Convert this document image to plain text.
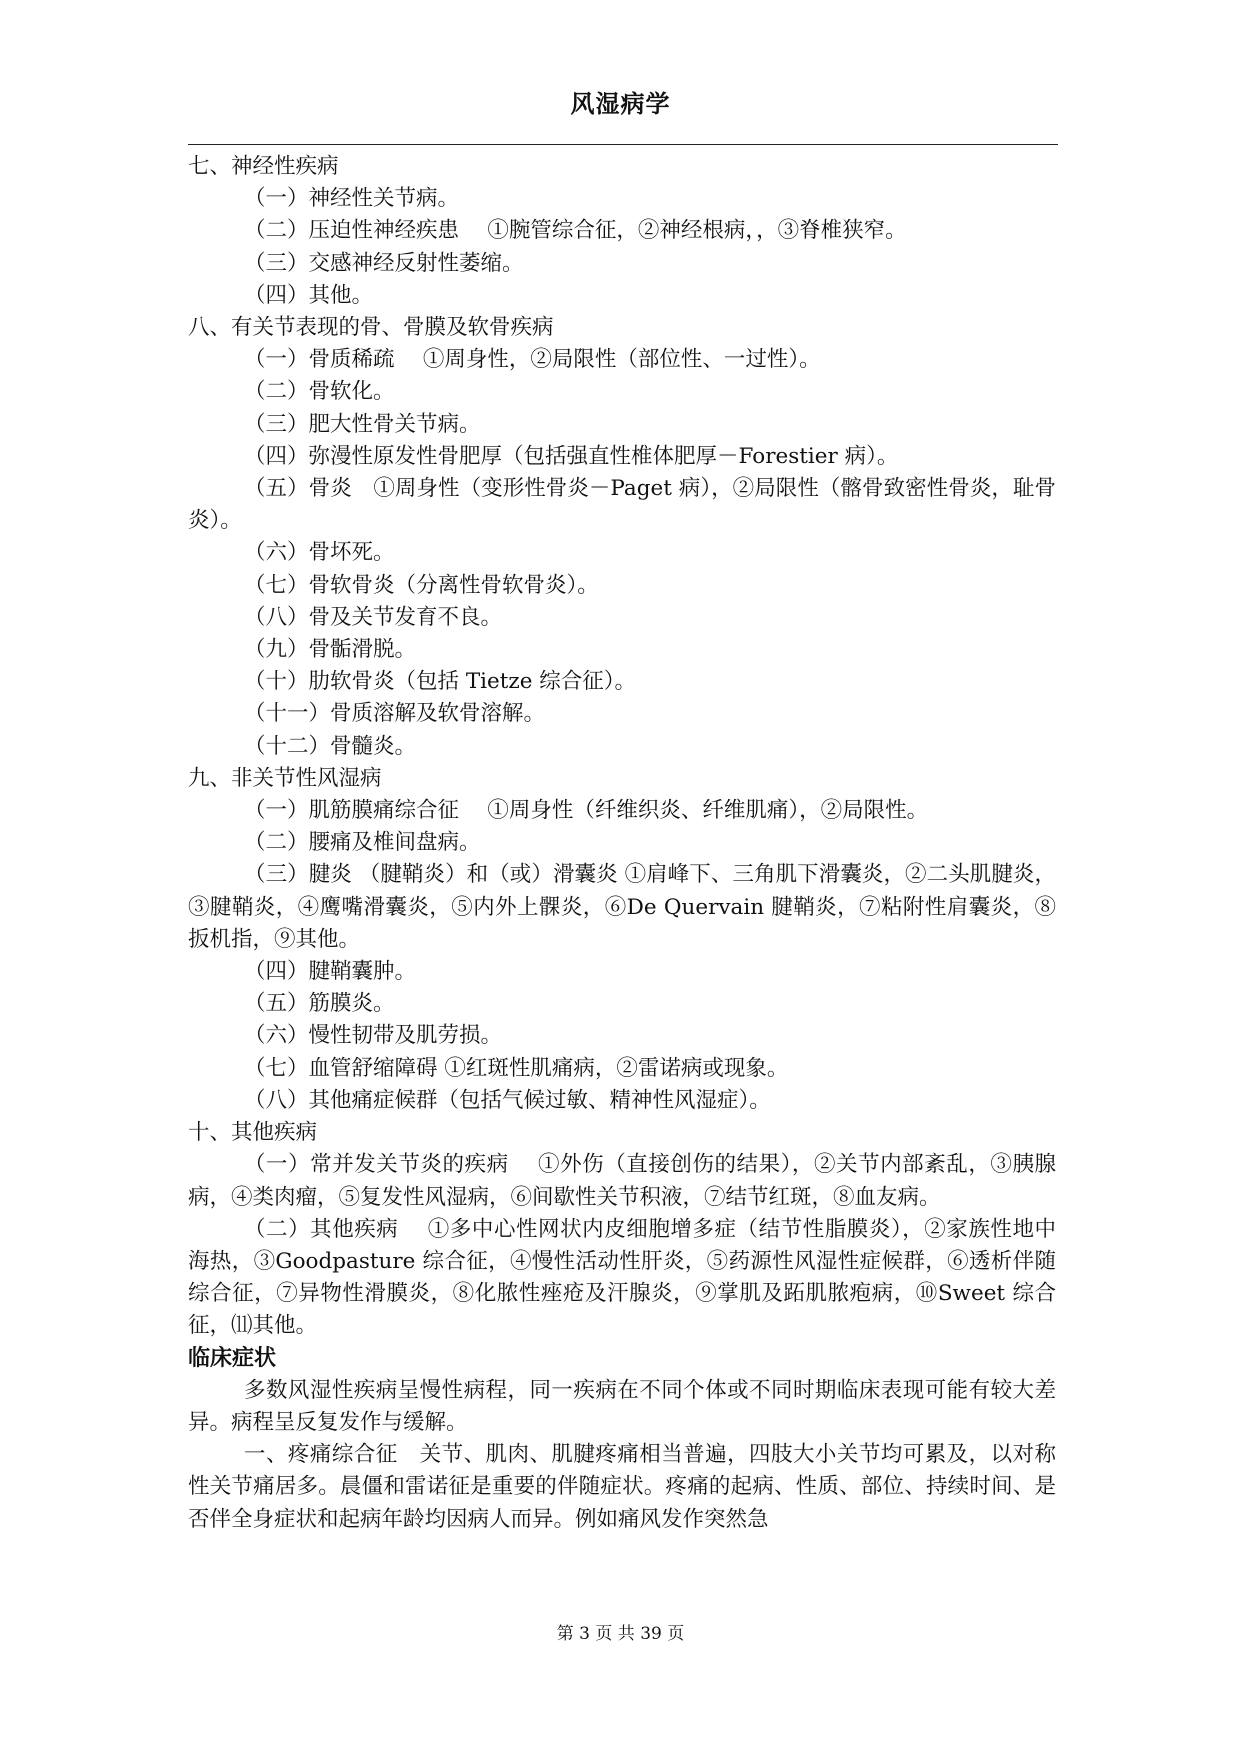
风湿病学

七、神经性疾病

（一）神经性关节病。

（二）压迫性神经疾患　 ①腕管综合征，②神经根病，，③脊椎狭窄。

（三）交感神经反射性萎缩。

（四）其他。

八、有关节表现的骨、骨膜及软骨疾病

（一）骨质稀疏　 ①周身性，②局限性（部位性、一过性）。

（二）骨软化。

（三）肥大性骨关节病。

（四）弥漫性原发性骨肥厚（包括强直性椎体肥厚－Forestier 病）。

（五）骨炎　①周身性（变形性骨炎－Paget 病），②局限性（髂骨致密性骨炎，耻骨炎）。

（六）骨坏死。

（七）骨软骨炎（分离性骨软骨炎）。

（八）骨及关节发育不良。

（九）骨骺滑脱。

（十）肋软骨炎（包括 Tietze 综合征）。

（十一）骨质溶解及软骨溶解。

（十二）骨髓炎。

九、非关节性风湿病

（一）肌筋膜痛综合征　 ①周身性（纤维织炎、纤维肌痛），②局限性。

（二）腰痛及椎间盘病。

（三）腱炎 （腱鞘炎）和（或）滑囊炎 ①肩峰下、三角肌下滑囊炎，②二头肌腱炎，③腱鞘炎，④鹰嘴滑囊炎，⑤内外上髁炎，⑥De Quervain 腱鞘炎，⑦粘附性肩囊炎，⑧扳机指，⑨其他。

（四）腱鞘囊肿。

（五）筋膜炎。

（六）慢性韧带及肌劳损。

（七）血管舒缩障碍 ①红斑性肌痛病，②雷诺病或现象。

（八）其他痛症候群（包括气候过敏、精神性风湿症）。

十、其他疾病

（一）常并发关节炎的疾病　 ①外伤（直接创伤的结果），②关节内部紊乱，③胰腺病，④类肉瘤，⑤复发性风湿病，⑥间歇性关节积液，⑦结节红斑，⑧血友病。

（二）其他疾病　 ①多中心性网状内皮细胞增多症（结节性脂膜炎），②家族性地中海热，③Goodpasture 综合征，④慢性活动性肝炎，⑤药源性风湿性症候群，⑥透析伴随综合征，⑦异物性滑膜炎，⑧化脓性痤疮及汗腺炎，⑨掌肌及跖肌脓疱病，⑩Sweet 综合征，⑾其他。

临床症状

多数风湿性疾病呈慢性病程，同一疾病在不同个体或不同时期临床表现可能有较大差异。病程呈反复发作与缓解。

一、疼痛综合征　关节、肌肉、肌腱疼痛相当普遍，四肢大小关节均可累及，以对称性关节痛居多。晨僵和雷诺征是重要的伴随症状。疼痛的起病、性质、部位、持续时间、是否伴全身症状和起病年龄均因病人而异。例如痛风发作突然急

第 3 页 共 39 页
